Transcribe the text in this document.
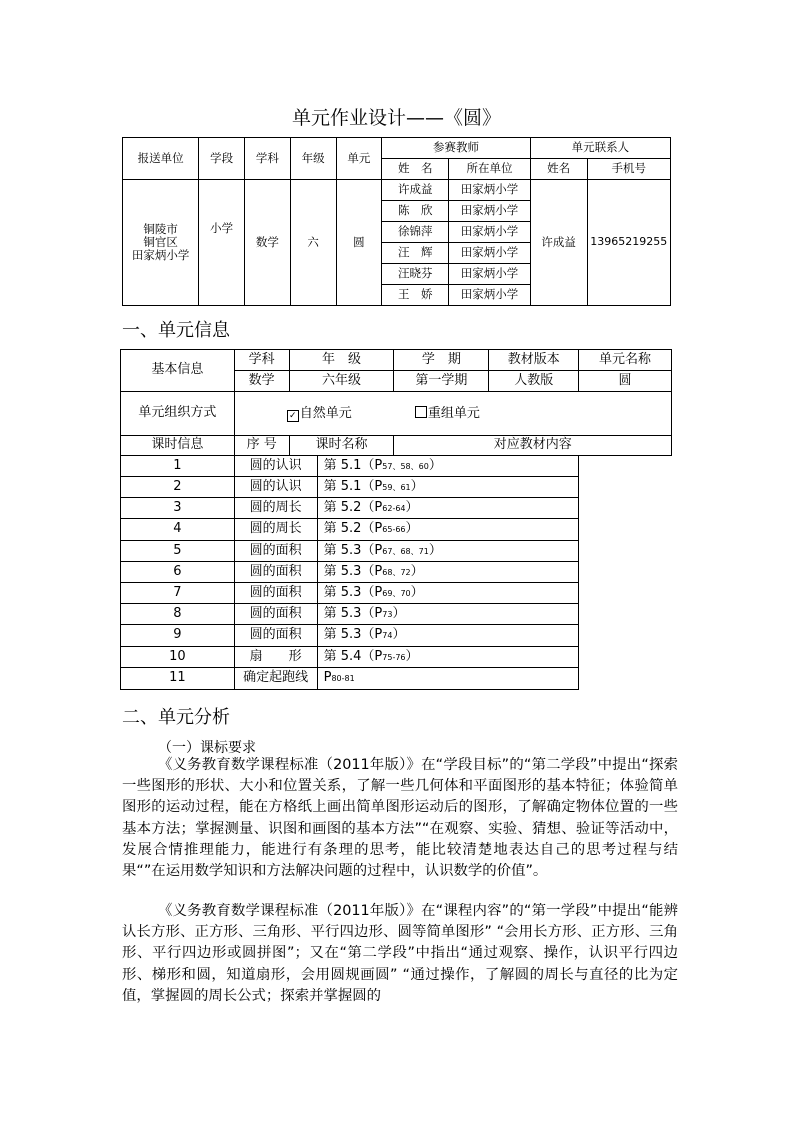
单元作业设计——《圆》
报送单位	学段	学科	年级	单元	参赛教师		单元联系人	
					姓　名	所在单位	姓名	手机号

铜陵市
铜官区
田家炳小学	小学	数学	六	圆	许成益	田家炳小学	许成益	13965219255
					陈　欣	田家炳小学		
					徐锦萍	田家炳小学		
					汪　辉	田家炳小学		
					汪晓芬	田家炳小学		
					王　娇	田家炳小学		
一、单元信息
基本信息	学科	年　级		学　期	教材版本	单元名称
	数学	六年级		第一学期	人教版	圆
单元组织方式	✓ 自然单元 重组单元					
课时信息	序 号	课时名称		对应教材内容		
1	圆的认识		第 5.1（P57、58、60）			
2	圆的认识		第 5.1（P59、61）			
3	圆的周长		第 5.2（P62-64）			
4	圆的周长		第 5.2（P65-66）			
5	圆的面积		第 5.3（P67、68、71）			
6	圆的面积		第 5.3（P68、72）			
7	圆的面积		第 5.3（P69、70）			
8	圆的面积		第 5.3（P73）			
9	圆的面积		第 5.3（P74）			
10	扇　　形		第 5.4（P75-76）			
11	确定起跑线		P80-81			
二、单元分析
（一）课标要求

《义务教育数学课程标准（2011年版）》在“学段目标”的“第二学段”中提出“探索一些图形的形状、大小和位置关系，了解一些几何体和平面图形的基本特征；体验简单图形的运动过程，能在方格纸上画出简单图形运动后的图形，了解确定物体位置的一些基本方法；掌握测量、识图和画图的基本方法”“在观察、实验、猜想、验证等活动中，发展合情推理能力，能进行有条理的思考，能比较清楚地表达自己的思考过程与结果“”在运用数学知识和方法解决问题的过程中，认识数学的价值”。

《义务教育数学课程标准（2011年版）》在“课程内容”的“第一学段”中提出“能辨认长方形、正方形、三角形、平行四边形、圆等简单图形” “会用长方形、正方形、三角形、平行四边形或圆拼图”；又在“第二学段”中指出“通过观察、操作，认识平行四边形、梯形和圆，知道扇形，会用圆规画圆” “通过操作，了解圆的周长与直径的比为定值，掌握圆的周长公式；探索并掌握圆的
